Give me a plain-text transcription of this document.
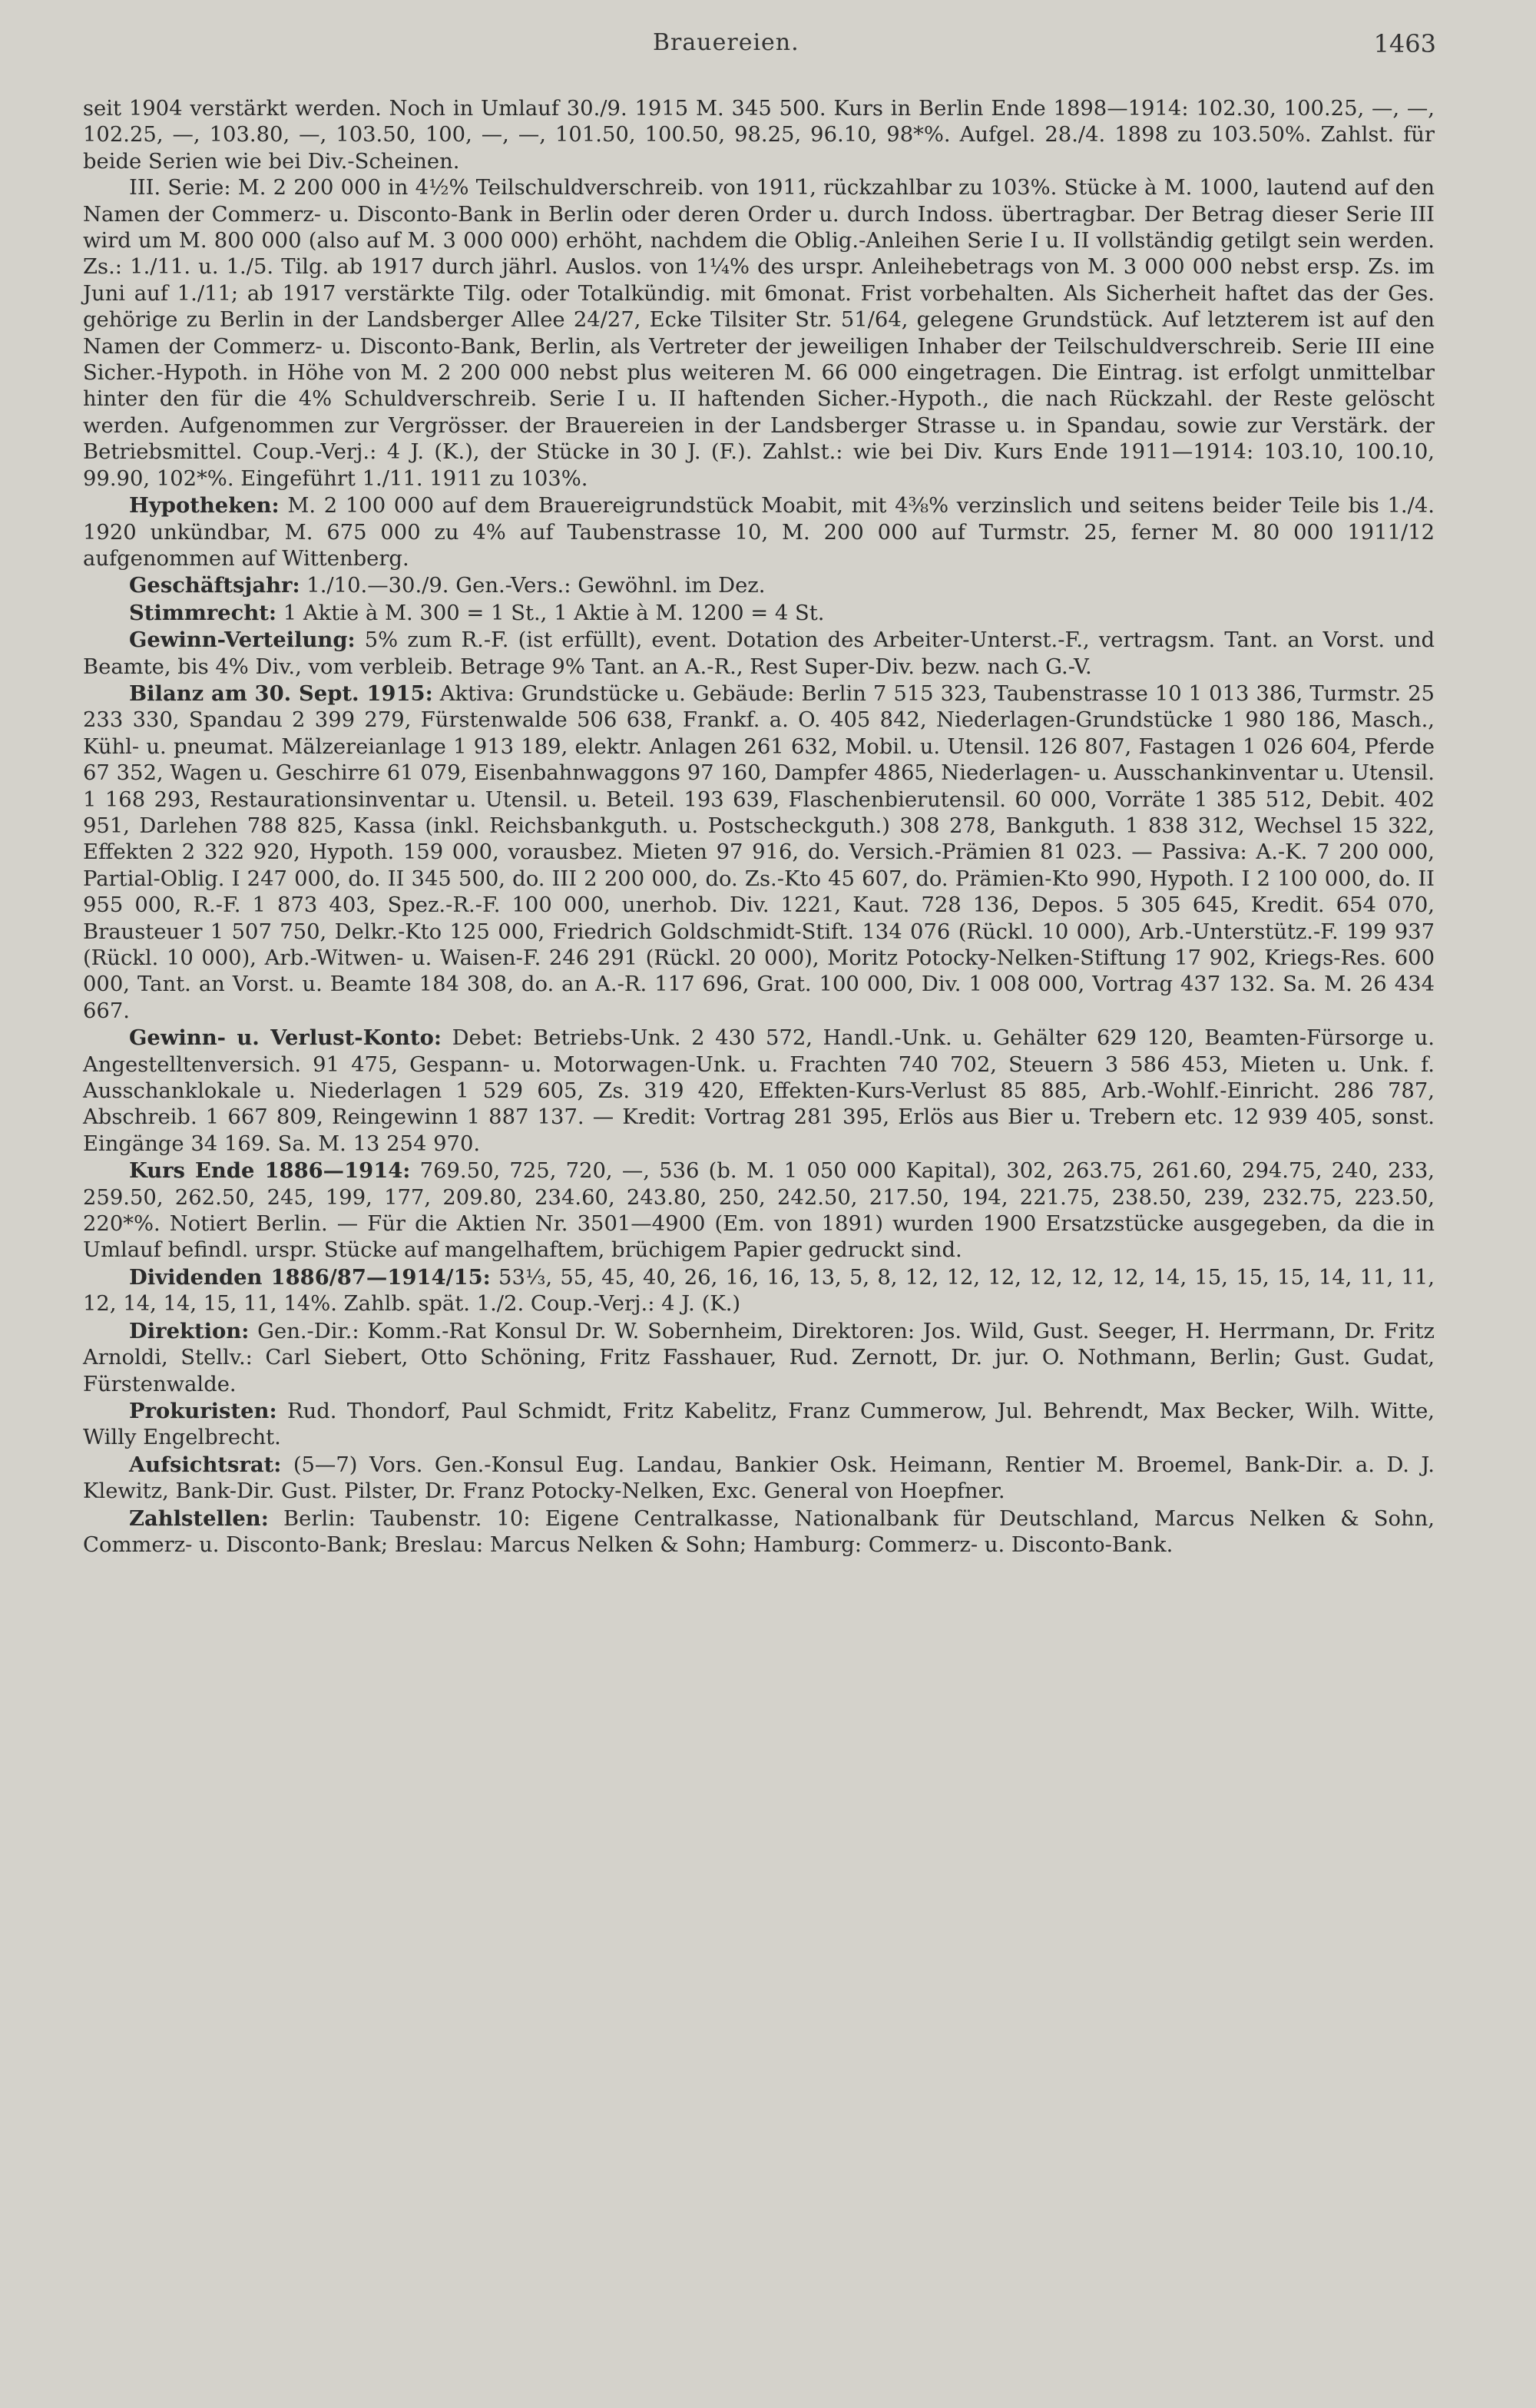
Brauereien.	1463

seit 1904 verstärkt werden. Noch in Umlauf 30./9. 1915 M. 345 500. Kurs in Berlin Ende 1898—1914: 102.30, 100.25, —, —, 102.25, —, 103.80, —, 103.50, 100, —, —, 101.50, 100.50, 98.25, 96.10, 98*%. Aufgel. 28./4. 1898 zu 103.50%. Zahlst. für beide Serien wie bei Div.-Scheinen.

III. Serie: M. 2 200 000 in 4½% Teilschuldverschreib. von 1911, rückzahlbar zu 103%. Stücke à M. 1000, lautend auf den Namen der Commerz- u. Disconto-Bank in Berlin oder deren Order u. durch Indoss. übertragbar. Der Betrag dieser Serie III wird um M. 800 000 (also auf M. 3 000 000) erhöht, nachdem die Oblig.-Anleihen Serie I u. II vollständig getilgt sein werden. Zs.: 1./11. u. 1./5. Tilg. ab 1917 durch jährl. Auslos. von 1¼% des urspr. Anleihebetrags von M. 3 000 000 nebst ersp. Zs. im Juni auf 1./11; ab 1917 verstärkte Tilg. oder Totalkündig. mit 6monat. Frist vorbehalten. Als Sicherheit haftet das der Ges. gehörige zu Berlin in der Landsberger Allee 24/27, Ecke Tilsiter Str. 51/64, gelegene Grundstück. Auf letzterem ist auf den Namen der Commerz- u. Disconto-Bank, Berlin, als Vertreter der jeweiligen Inhaber der Teilschuldverschreib. Serie III eine Sicher.-Hypoth. in Höhe von M. 2 200 000 nebst plus weiteren M. 66 000 eingetragen. Die Eintrag. ist erfolgt unmittelbar hinter den für die 4% Schuldverschreib. Serie I u. II haftenden Sicher.-Hypoth., die nach Rückzahl. der Reste gelöscht werden. Aufgenommen zur Vergrösser. der Brauereien in der Landsberger Strasse u. in Spandau, sowie zur Verstärk. der Betriebsmittel. Coup.-Verj.: 4 J. (K.), der Stücke in 30 J. (F.). Zahlst.: wie bei Div. Kurs Ende 1911—1914: 103.10, 100.10, 99.90, 102*%. Eingeführt 1./11. 1911 zu 103%.

Hypotheken: M. 2 100 000 auf dem Brauereigrundstück Moabit, mit 4⅜% verzinslich und seitens beider Teile bis 1./4. 1920 unkündbar, M. 675 000 zu 4% auf Taubenstrasse 10, M. 200 000 auf Turmstr. 25, ferner M. 80 000 1911/12 aufgenommen auf Wittenberg.

Geschäftsjahr: 1./10.—30./9. Gen.-Vers.: Gewöhnl. im Dez.

Stimmrecht: 1 Aktie à M. 300 = 1 St., 1 Aktie à M. 1200 = 4 St.

Gewinn-Verteilung: 5% zum R.-F. (ist erfüllt), event. Dotation des Arbeiter-Unterst.-F., vertragsm. Tant. an Vorst. und Beamte, bis 4% Div., vom verbleib. Betrage 9% Tant. an A.-R., Rest Super-Div. bezw. nach G.-V.

Bilanz am 30. Sept. 1915: Aktiva: Grundstücke u. Gebäude: Berlin 7 515 323, Taubenstrasse 10 1 013 386, Turmstr. 25 233 330, Spandau 2 399 279, Fürstenwalde 506 638, Frankf. a. O. 405 842, Niederlagen-Grundstücke 1 980 186, Masch., Kühl- u. pneumat. Mälzereianlage 1 913 189, elektr. Anlagen 261 632, Mobil. u. Utensil. 126 807, Fastagen 1 026 604, Pferde 67 352, Wagen u. Geschirre 61 079, Eisenbahnwaggons 97 160, Dampfer 4865, Niederlagen- u. Ausschankinventar u. Utensil. 1 168 293, Restaurationsinventar u. Utensil. u. Beteil. 193 639, Flaschenbierutensil. 60 000, Vorräte 1 385 512, Debit. 402 951, Darlehen 788 825, Kassa (inkl. Reichsbankguth. u. Postscheckguth.) 308 278, Bankguth. 1 838 312, Wechsel 15 322, Effekten 2 322 920, Hypoth. 159 000, vorausbez. Mieten 97 916, do. Versich.-Prämien 81 023. — Passiva: A.-K. 7 200 000, Partial-Oblig. I 247 000, do. II 345 500, do. III 2 200 000, do. Zs.-Kto 45 607, do. Prämien-Kto 990, Hypoth. I 2 100 000, do. II 955 000, R.-F. 1 873 403, Spez.-R.-F. 100 000, unerhob. Div. 1221, Kaut. 728 136, Depos. 5 305 645, Kredit. 654 070, Brausteuer 1 507 750, Delkr.-Kto 125 000, Friedrich Goldschmidt-Stift. 134 076 (Rückl. 10 000), Arb.-Unterstütz.-F. 199 937 (Rückl. 10 000), Arb.-Witwen- u. Waisen-F. 246 291 (Rückl. 20 000), Moritz Potocky-Nelken-Stiftung 17 902, Kriegs-Res. 600 000, Tant. an Vorst. u. Beamte 184 308, do. an A.-R. 117 696, Grat. 100 000, Div. 1 008 000, Vortrag 437 132. Sa. M. 26 434 667.

Gewinn- u. Verlust-Konto: Debet: Betriebs-Unk. 2 430 572, Handl.-Unk. u. Gehälter 629 120, Beamten-Fürsorge u. Angestelltenversich. 91 475, Gespann- u. Motorwagen-Unk. u. Frachten 740 702, Steuern 3 586 453, Mieten u. Unk. f. Ausschanklokale u. Niederlagen 1 529 605, Zs. 319 420, Effekten-Kurs-Verlust 85 885, Arb.-Wohlf.-Einricht. 286 787, Abschreib. 1 667 809, Reingewinn 1 887 137. — Kredit: Vortrag 281 395, Erlös aus Bier u. Trebern etc. 12 939 405, sonst. Eingänge 34 169. Sa. M. 13 254 970.

Kurs Ende 1886—1914: 769.50, 725, 720, —, 536 (b. M. 1 050 000 Kapital), 302, 263.75, 261.60, 294.75, 240, 233, 259.50, 262.50, 245, 199, 177, 209.80, 234.60, 243.80, 250, 242.50, 217.50, 194, 221.75, 238.50, 239, 232.75, 223.50, 220*%. Notiert Berlin. — Für die Aktien Nr. 3501—4900 (Em. von 1891) wurden 1900 Ersatzstücke ausgegeben, da die in Umlauf befindl. urspr. Stücke auf mangelhaftem, brüchigem Papier gedruckt sind.

Dividenden 1886/87—1914/15: 53⅓, 55, 45, 40, 26, 16, 16, 13, 5, 8, 12, 12, 12, 12, 12, 12, 14, 15, 15, 15, 14, 11, 11, 12, 14, 14, 15, 11, 14%. Zahlb. spät. 1./2. Coup.-Verj.: 4 J. (K.)

Direktion: Gen.-Dir.: Komm.-Rat Konsul Dr. W. Sobernheim, Direktoren: Jos. Wild, Gust. Seeger, H. Herrmann, Dr. Fritz Arnoldi, Stellv.: Carl Siebert, Otto Schöning, Fritz Fasshauer, Rud. Zernott, Dr. jur. O. Nothmann, Berlin; Gust. Gudat, Fürstenwalde.

Prokuristen: Rud. Thondorf, Paul Schmidt, Fritz Kabelitz, Franz Cummerow, Jul. Behrendt, Max Becker, Wilh. Witte, Willy Engelbrecht.

Aufsichtsrat: (5—7) Vors. Gen.-Konsul Eug. Landau, Bankier Osk. Heimann, Rentier M. Broemel, Bank-Dir. a. D. J. Klewitz, Bank-Dir. Gust. Pilster, Dr. Franz Potocky-Nelken, Exc. General von Hoepfner.

Zahlstellen: Berlin: Taubenstr. 10: Eigene Centralkasse, Nationalbank für Deutschland, Marcus Nelken & Sohn, Commerz- u. Disconto-Bank; Breslau: Marcus Nelken & Sohn; Hamburg: Commerz- u. Disconto-Bank.
